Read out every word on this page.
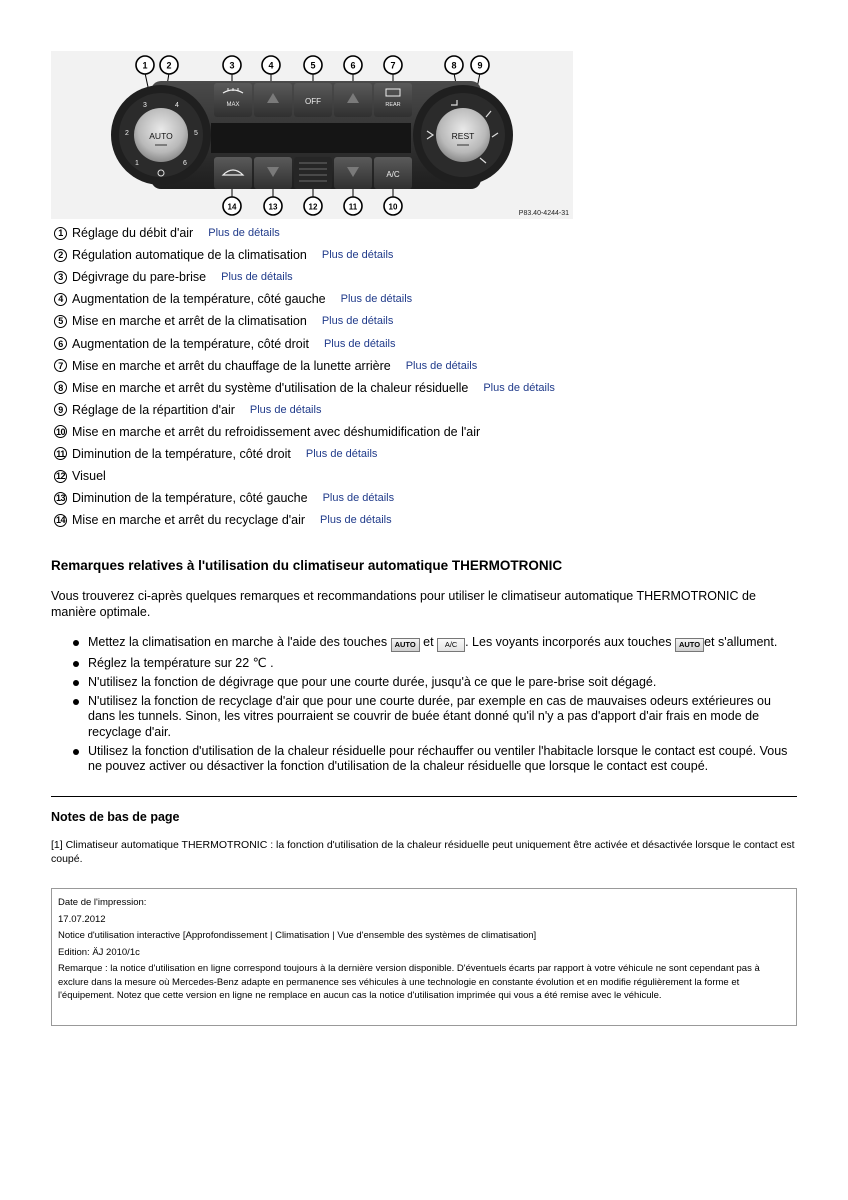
MAX	OFF	REAR
A/C
AUTO
1
2
3	4
5
6
REST
1 2	3	4	5	6	7	8 9
14	13	12	11	10
P83.40-4244-31
1 Réglage du débit d'air Plus de détails
2 Régulation automatique de la climatisation Plus de détails
3 Dégivrage du pare-brise Plus de détails
4 Augmentation de la température, côté gauche Plus de détails
5 Mise en marche et arrêt de la climatisation Plus de détails
6 Augmentation de la température, côté droit Plus de détails
7 Mise en marche et arrêt du chauffage de la lunette arrière Plus de détails
8 Mise en marche et arrêt du système d'utilisation de la chaleur résiduelle Plus de détails
9 Réglage de la répartition d'air Plus de détails
10 Mise en marche et arrêt du refroidissement avec déshumidification de l'air
11 Diminution de la température, côté droit Plus de détails
12 Visuel
13 Diminution de la température, côté gauche Plus de détails
14 Mise en marche et arrêt du recyclage d'air Plus de détails
Remarques relatives à l'utilisation du climatiseur automatique THERMOTRONIC
Vous trouverez ci-après quelques remarques et recommandations pour utiliser le climatiseur automatique THERMOTRONIC de manière optimale.
Mettez la climatisation en marche à l'aide des touches AUTO et A/C . Les voyants incorporés aux touches AUTO et s'allument.
Réglez la température sur 22 ℃ .
N'utilisez la fonction de dégivrage que pour une courte durée, jusqu'à ce que le pare-brise soit dégagé.
N'utilisez la fonction de recyclage d'air que pour une courte durée, par exemple en cas de mauvaises odeurs extérieures ou dans les tunnels. Sinon, les vitres pourraient se couvrir de buée étant donné qu'il n'y a pas d'apport d'air frais en mode de recyclage d'air.
Utilisez la fonction d'utilisation de la chaleur résiduelle pour réchauffer ou ventiler l'habitacle lorsque le contact est coupé. Vous ne pouvez activer ou désactiver la fonction d'utilisation de la chaleur résiduelle que lorsque le contact est coupé.
Notes de bas de page
[1] Climatiseur automatique THERMOTRONIC : la fonction d'utilisation de la chaleur résiduelle peut uniquement être activée et désactivée lorsque le contact est coupé.
Date de l'impression:
17.07.2012
Notice d'utilisation interactive [Approfondissement | Climatisation | Vue d'ensemble des systèmes de climatisation]
Edition: ÄJ 2010/1c
Remarque : la notice d'utilisation en ligne correspond toujours à la dernière version disponible. D'éventuels écarts par rapport à votre véhicule ne sont cependant pas à exclure dans la mesure où Mercedes-Benz adapte en permanence ses véhicules à une technologie en constante évolution et en modifie régulièrement la forme et l'équipement. Notez que cette version en ligne ne remplace en aucun cas la notice d'utilisation imprimée qui vous a été remise avec le véhicule.
